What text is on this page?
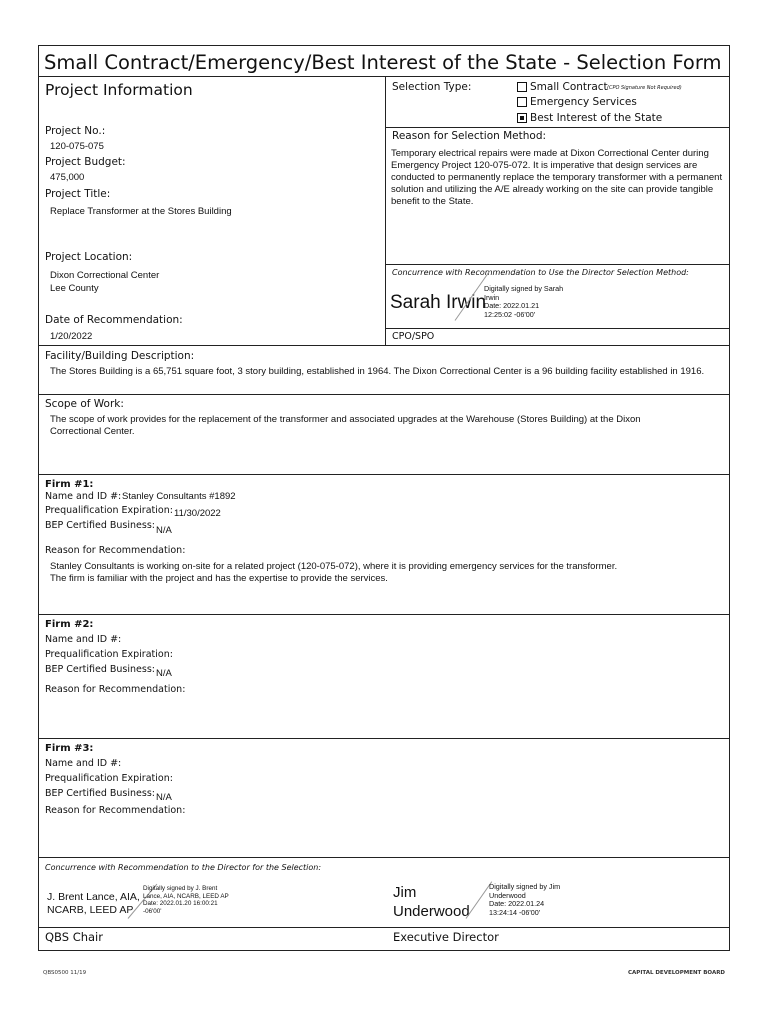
Small Contract/Emergency/Best Interest of the State - Selection Form
Project Information
Project No.:
120-075-075
Project Budget:
475,000
Project Title:
Replace Transformer at the Stores Building
Project Location:
Dixon Correctional Center
Lee County
Date of Recommendation:
1/20/2022
Selection Type:	Small Contract (CPO Signature Not Required)
Emergency Services
Best Interest of the State
Reason for Selection Method:
Temporary electrical repairs were made at Dixon Correctional Center during Emergency Project 120-075-072. It is imperative that design services are conducted to permanently replace the temporary transformer with a permanent solution and utilizing the A/E already working on the site can provide tangible benefit to the State.
Concurrence with Recommendation to Use the Director Selection Method:
Sarah Irwin
Digitally signed by Sarah
Irwin
Date: 2022.01.21
12:25:02 -06'00'
CPO/SPO
Facility/Building Description:
The Stores Building is a 65,751 square foot, 3 story building, established in 1964. The Dixon Correctional Center is a 96 building facility established in 1916.
Scope of Work:
The scope of work provides for the replacement of the transformer and associated upgrades at the Warehouse (Stores Building) at the Dixon Correctional Center.
Firm #1:
Name and ID #: Stanley Consultants #1892
Prequalification Expiration: 11/30/2022
BEP Certified Business: N/A
Reason for Recommendation:
Stanley Consultants is working on-site for a related project (120-075-072), where it is providing emergency services for the transformer.
The firm is familiar with the project and has the expertise to provide the services.
Firm #2:
Name and ID #:
Prequalification Expiration:
BEP Certified Business: N/A
Reason for Recommendation:
Firm #3:
Name and ID #:
Prequalification Expiration:
BEP Certified Business: N/A
Reason for Recommendation:
Concurrence with Recommendation to the Director for the Selection:
J. Brent Lance, AIA,
NCARB, LEED AP
Digitally signed by J. Brent
Lance, AIA, NCARB, LEED AP
Date: 2022.01.20 16:00:21
-06'00'
Jim
Underwood
Digitally signed by Jim
Underwood
Date: 2022.01.24
13:24:14 -06'00'
QBS Chair	Executive Director
QBS0500 11/19	CAPITAL DEVELOPMENT BOARD
